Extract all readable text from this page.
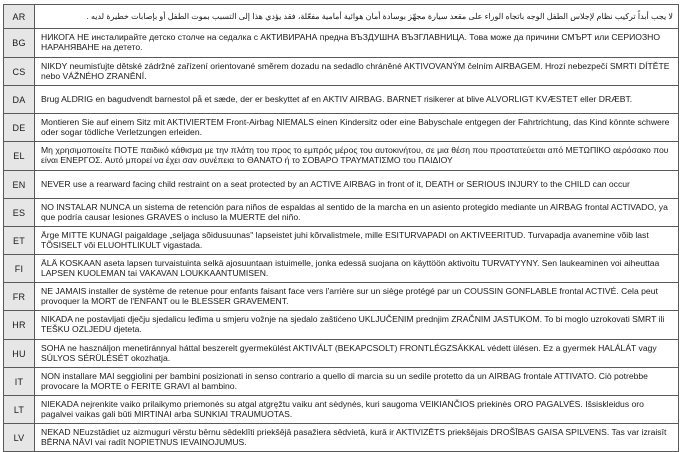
AR	لا يجب أبداً تركيب نظام لإجلاس الطفل الوجه باتجاه الوراء على مقعد سيارة مجهّز بوسادة أمان هوائية أمامية مفعّلة، فقد يؤدي هذا إلى التسبب بموت الطفل أو بإصابات خطيرة لديه .
BG	НИКОГА НЕ инсталирайте детско столче на седалка с АКТИВИРАНА предна ВЪЗДУШНА ВЪЗГЛАВНИЦА. Това може да причини СМЪРТ или СЕРИОЗНО НАРАНЯВАНЕ на детето.
CS	NIKDY neumisťujte dětské zádržné zařízení orientované směrem dozadu na sedadlo chráněné AKTIVOVANÝM čelním AIRBAGEM. Hrozí nebezpečí SMRTI DÍTĚTE nebo VÁŽNÉHO ZRANĚNÍ.
DA	Brug ALDRIG en bagudvendt barnestol på et sæde, der er beskyttet af en AKTIV AIRBAG. BARNET risikerer at blive ALVORLIGT KVÆSTET eller DRÆBT.
DE	Montieren Sie auf einem Sitz mit AKTIVIERTEM Front-Airbag NIEMALS einen Kindersitz oder eine Babyschale entgegen der Fahrtrichtung, das Kind könnte schwere oder sogar tödliche Verletzungen erleiden.
EL	Μη χρησιμοποιείτε ΠΟΤΕ παιδικό κάθισμα με την πλάτη του προς το εμπρός μέρος του αυτοκινήτου, σε μια θέση που προστατεύεται από ΜΕΤΩΠΙΚΟ αερόσακο που είναι ΕΝΕΡΓΟΣ. Αυτό μπορεί να έχει σαν συνέπεια το ΘΑΝΑΤΟ ή το ΣΟΒΑΡΟ ΤΡΑΥΜΑΤΙΣΜΟ του ΠΑΙΔΙΟΥ
EN	NEVER use a rearward facing child restraint on a seat protected by an ACTIVE AIRBAG in front of it, DEATH or SERIOUS INJURY to the CHILD can occur
ES	NO INSTALAR NUNCA un sistema de retención para niños de espaldas al sentido de la marcha en un asiento protegido mediante un AIRBAG frontal ACTIVADO, ya que podría causar lesiones GRAVES o incluso la MUERTE del niño.
ET	Ärge MITTE KUNAGI paigaldage „seljaga sõidusuunas" lapseistet juhi kõrvalistmele, mille ESITURVAPADI on AKTIVEERITUD. Turvapadja avanemine võib last TÕSISELT või ELUOHTLIKULT vigastada.
FI	ÄLÄ KOSKAAN aseta lapsen turvaistuinta selkä ajosuuntaan istuimelle, jonka edessä suojana on käyttöön aktivoitu TURVATYYNY. Sen laukeaminen voi aiheuttaa LAPSEN KUOLEMAN tai VAKAVAN LOUKKAANTUMISEN.
FR	NE JAMAIS installer de système de retenue pour enfants faisant face vers l'arrière sur un siège protégé par un COUSSIN GONFLABLE frontal ACTIVÉ. Cela peut provoquer la MORT de l'ENFANT ou le BLESSER GRAVEMENT.
HR	NIKADA ne postavljati dječju sjedalicu leđima u smjeru vožnje na sjedalo zaštićeno UKLJUČENIM prednjim ZRAČNIM JASTUKOM. To bi moglo uzrokovati SMRT ili TEŠKU OZLJEDU djeteta.
HU	SOHA ne használjon menetiránnyal háttal beszerelt gyermekülést AKTIVÁLT (BEKAPCSOLT) FRONTLÉGZSÁKKAL védett ülésen. Ez a gyermek HALÁLÁT vagy SÚLYOS SÉRÜLÉSÉT okozhatja.
IT	NON installare MAI seggiolini per bambini posizionati in senso contrario a quello di marcia su un sedile protetto da un AIRBAG frontale ATTIVATO. Ciò potrebbe provocare la MORTE o FERITE GRAVI al bambino.
LT	NIEKADA nejrenkite vaiko prilaikymo priemonės su atgal atgręžtu vaiku ant sėdynės, kuri saugoma VEIKIANČIOS priekinės ORO PAGALVĖS. Išsiskleidus oro pagalvei vaikas gali būti MIRTINAI arba SUNKIAI TRAUMUOTAS.
LV	NEKAD NEuzstādiet uz aizmuguri vērstu bērnu sēdeklīti priekšējā pasažiera sēdvietā, kurā ir AKTIVIZĒTS priekšējais DROŠĪBAS GAISA SPILVENS. Tas var izraisīt BĒRNA NĀVI vai radīt NOPIETNUS IEVAINOJUMUS.
